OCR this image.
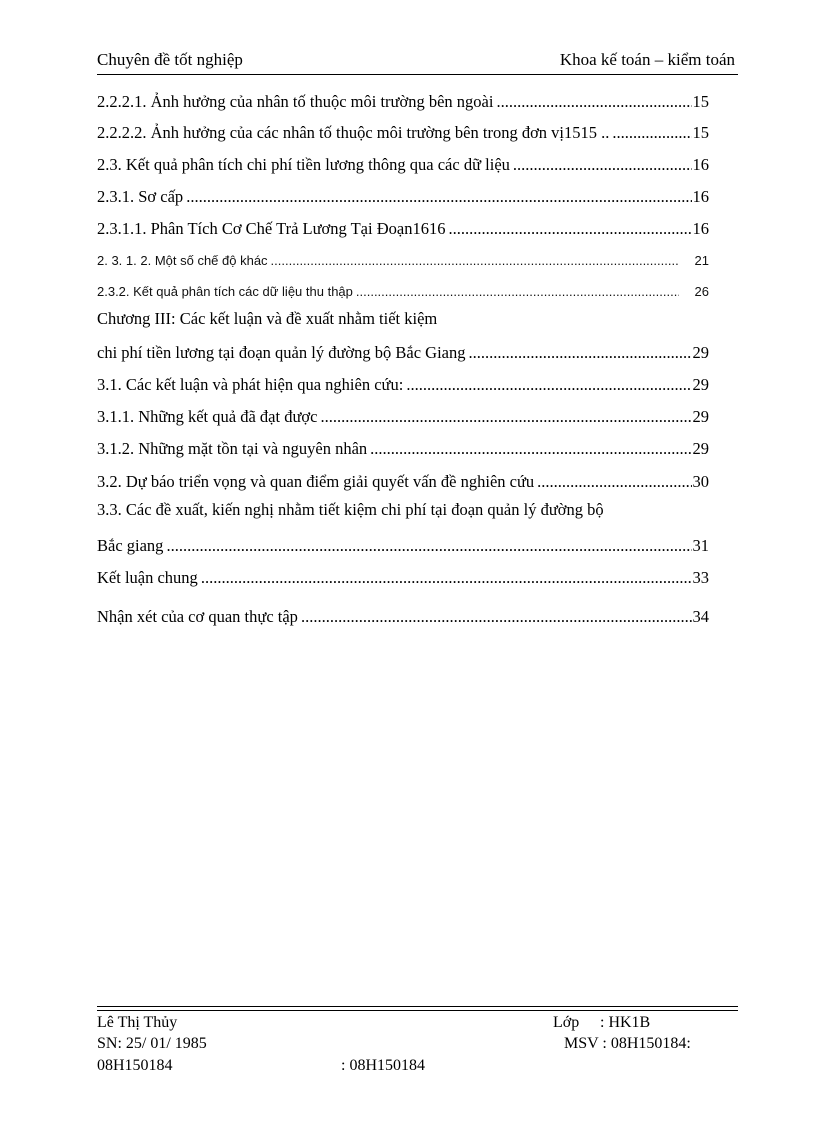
Chuyên đề tốt nghiệp	Khoa kế toán – kiểm toán
2.2.2.1. Ảnh hưởng của nhân tố thuộc môi trường bên ngoài .....	15
2.2.2.2. Ảnh hưởng của các nhân tố thuộc môi trường bên trong đơn vị1515 .. .....	15
2.3. Kết quả phân tích chi phí tiền lương thông qua các dữ liệu .....	16
2.3.1. Sơ cấp .....	16
2.3.1.1. Phân Tích Cơ Chế Trả Lương Tại Đoạn1616 .....	16
2. 3. 1. 2. Một số chế độ khác .....	21
2.3.2. Kết quả phân tích các dữ liệu thu thập .....	26
Chương III: Các kết luận và đề xuất nhằm tiết kiệm
chi phí tiền lương tại đoạn quản lý đường bộ Bắc Giang .....	29
3.1. Các kết luận và phát hiện qua nghiên cứu: .....	29
3.1.1. Những kết quả đã đạt được .....	29
3.1.2. Những mặt tồn tại và nguyên nhân .....	29
3.2. Dự báo triển vọng và quan điểm giải quyết vấn đề nghiên cứu .....	30
3.3. Các đề xuất, kiến nghị nhằm tiết kiệm chi phí tại đoạn quản lý đường bộ
Bắc giang .....	31
Kết luận chung .....	33
Nhận xét của cơ quan thực tập .....	34
Lê Thị Thủy	Lớp : HK1B
SN: 25/ 01/ 1985	MSV : 08H150184:
08H150184	: 08H150184
